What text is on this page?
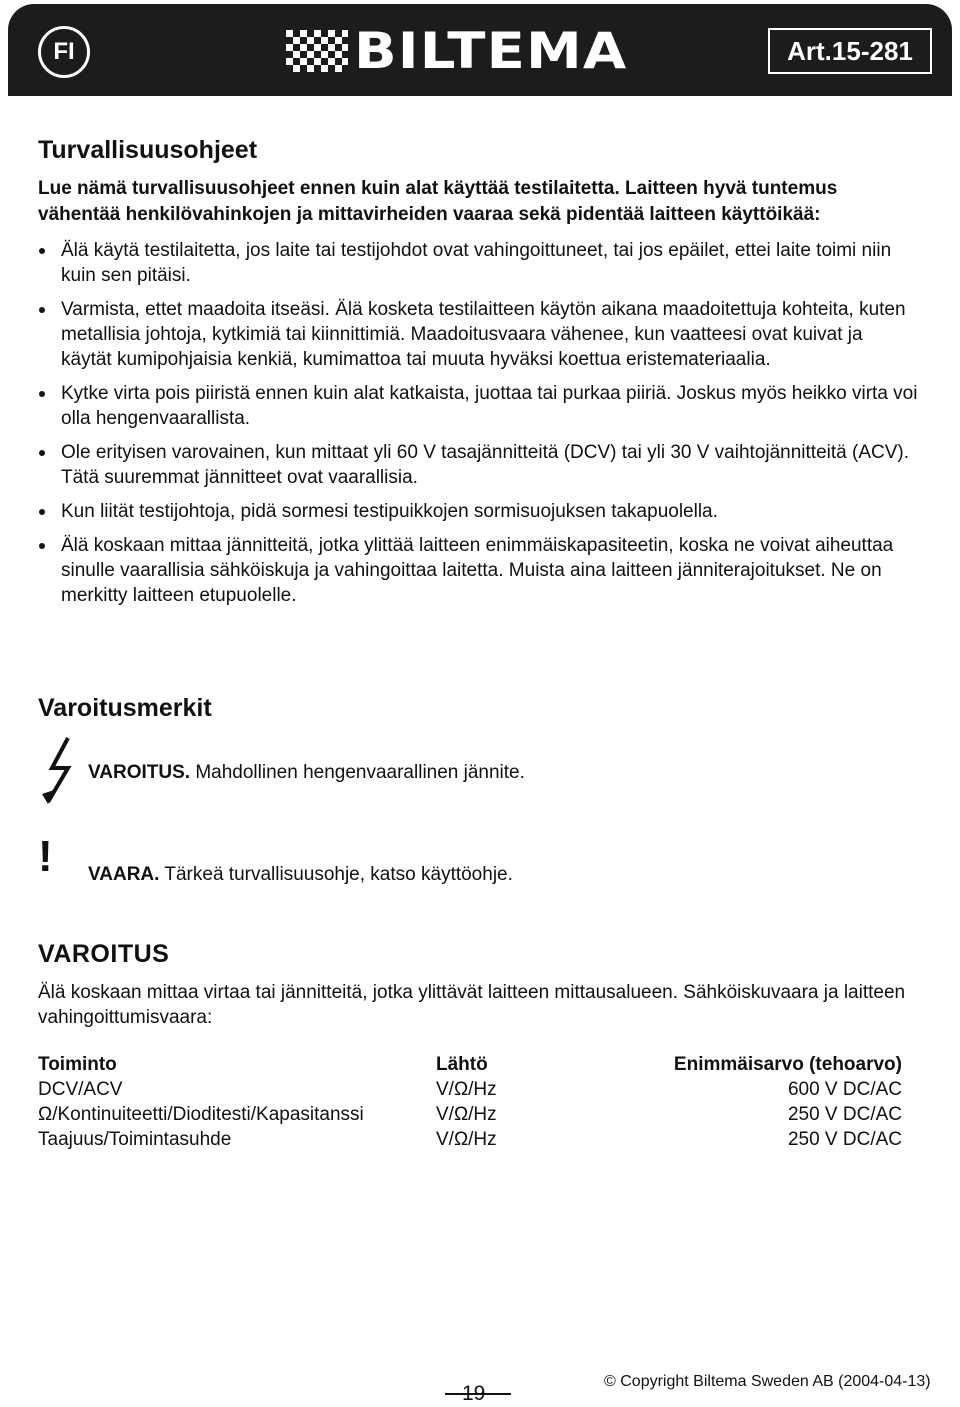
FI	BILTEMA	Art.15-281
Turvallisuusohjeet
Lue nämä turvallisuusohjeet ennen kuin alat käyttää testilaitetta. Laitteen hyvä tuntemus vähentää henkilövahinkojen ja mittavirheiden vaaraa sekä pidentää laitteen käyttöikää:
Älä käytä testilaitetta, jos laite tai testijohdot ovat vahingoittuneet, tai jos epäilet, ettei laite toimi niin kuin sen pitäisi.
Varmista, ettet maadoita itseäsi. Älä kosketa testilaitteen käytön aikana maadoitettuja kohteita, kuten metallisia johtoja, kytkimiä tai kiinnittimiä. Maadoitusvaara vähenee, kun vaatteesi ovat kuivat ja käytät kumipohjaisia kenkiä, kumimattoa tai muuta hyväksi koettua eristemateriaalia.
Kytke virta pois piiristä ennen kuin alat katkaista, juottaa tai purkaa piiriä. Joskus myös heikko virta voi olla hengenvaarallista.
Ole erityisen varovainen, kun mittaat yli 60 V tasajännitteitä (DCV) tai yli 30 V vaihtojännitteitä (ACV). Tätä suuremmat jännitteet ovat vaarallisia.
Kun liität testijohtoja, pidä sormesi testipuikkojen sormisuojuksen takapuolella.
Älä koskaan mittaa jännitteitä, jotka ylittää laitteen enimmäiskapasiteetin, koska ne voivat aiheuttaa sinulle vaarallisia sähköiskuja ja vahingoittaa laitetta. Muista aina laitteen jänniterajoitukset. Ne on merkitty laitteen etupuolelle.
Varoitusmerkit
VAROITUS. Mahdollinen hengenvaarallinen jännite.
! VAARA. Tärkeä turvallisuusohje, katso käyttöohje.
VAROITUS
Älä koskaan mittaa virtaa tai jännitteitä, jotka ylittävät laitteen mittausalueen. Sähköiskuvaara ja laitteen vahingoittumisvaara:
Toiminto	Lähtö	Enimmäisarvo (tehoarvo)
DCV/ACV	V/Ω/Hz	600 V DC/AC
Ω/Kontinuiteetti/Dioditesti/Kapasitanssi	V/Ω/Hz	250 V DC/AC
Taajuus/Toimintasuhde	V/Ω/Hz	250 V DC/AC
19
© Copyright Biltema Sweden AB (2004-04-13)
